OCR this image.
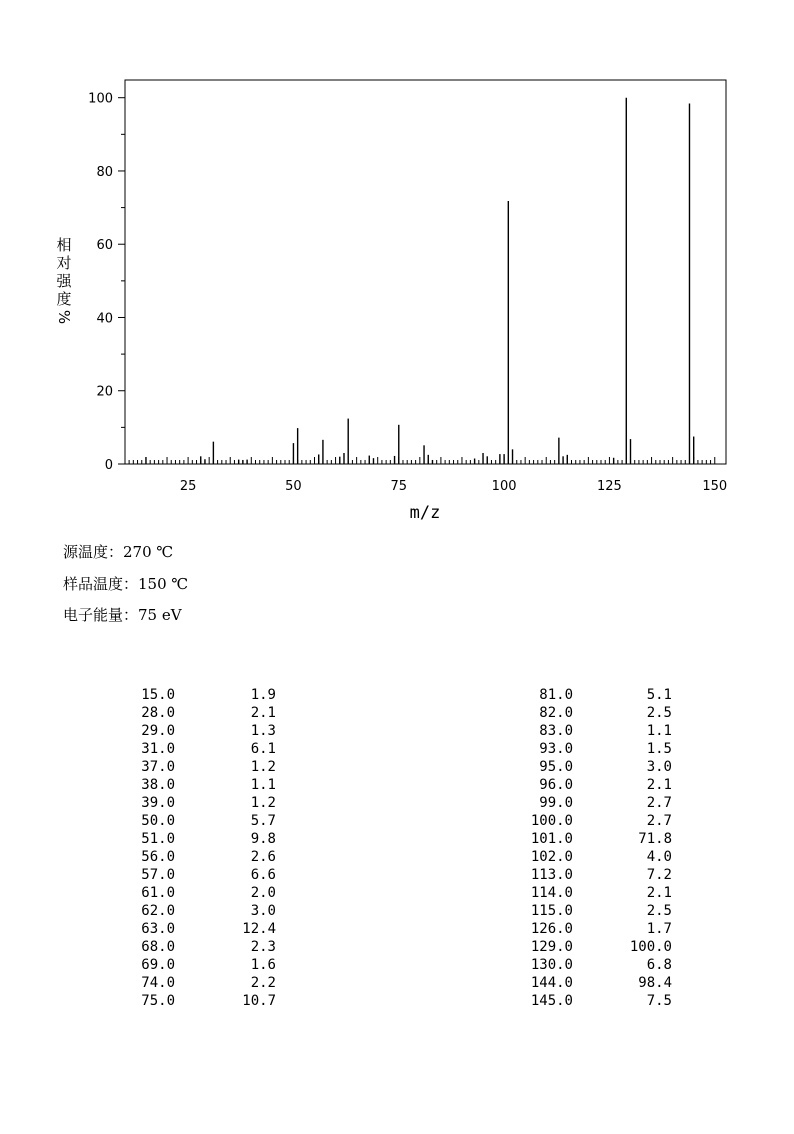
25	50	75	100	125	150
0
20
40
60
80
100
m/z
相
对
强
度
%
源温度：270 ℃
样品温度：150 ℃
电子能量：75 eV
15.0	1.9
28.0	2.1
29.0	1.3
31.0	6.1
37.0	1.2
38.0	1.1
39.0	1.2
50.0	5.7
51.0	9.8
56.0	2.6
57.0	6.6
61.0	2.0
62.0	3.0
63.0	12.4
68.0	2.3
69.0	1.6
74.0	2.2
75.0	10.7
81.0	5.1
82.0	2.5
83.0	1.1
93.0	1.5
95.0	3.0
96.0	2.1
99.0	2.7
100.0	2.7
101.0	71.8
102.0	4.0
113.0	7.2
114.0	2.1
115.0	2.5
126.0	1.7
129.0	100.0
130.0	6.8
144.0	98.4
145.0	7.5
